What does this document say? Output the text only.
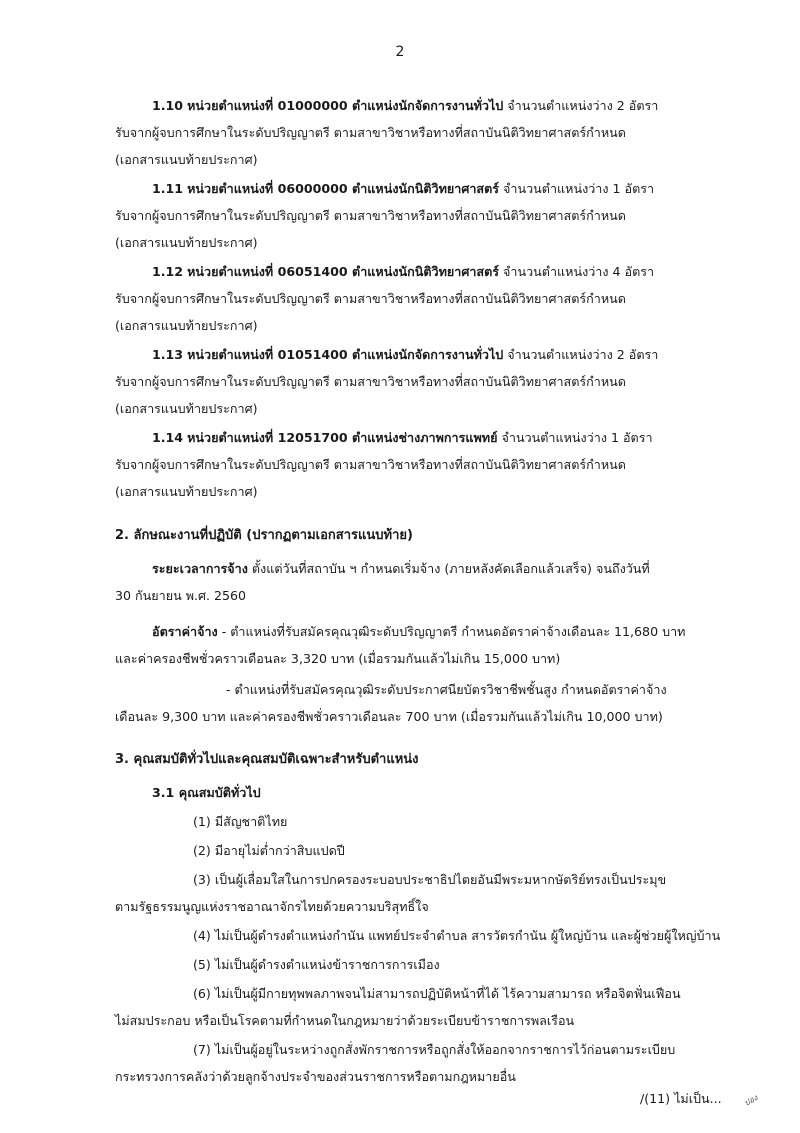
2
1.10 หน่วยตำแหน่งที่ 01000000 ตำแหน่งนักจัดการงานทั่วไป จำนวนตำแหน่งว่าง 2 อัตรา
รับจากผู้จบการศึกษาในระดับปริญญาตรี ตามสาขาวิชาหรือทางที่สถาบันนิติวิทยาศาสตร์กำหนด
(เอกสารแนบท้ายประกาศ)
1.11 หน่วยตำแหน่งที่ 06000000 ตำแหน่งนักนิติวิทยาศาสตร์ จำนวนตำแหน่งว่าง 1 อัตรา
รับจากผู้จบการศึกษาในระดับปริญญาตรี ตามสาขาวิชาหรือทางที่สถาบันนิติวิทยาศาสตร์กำหนด
(เอกสารแนบท้ายประกาศ)
1.12 หน่วยตำแหน่งที่ 06051400 ตำแหน่งนักนิติวิทยาศาสตร์ จำนวนตำแหน่งว่าง 4 อัตรา
รับจากผู้จบการศึกษาในระดับปริญญาตรี ตามสาขาวิชาหรือทางที่สถาบันนิติวิทยาศาสตร์กำหนด
(เอกสารแนบท้ายประกาศ)
1.13 หน่วยตำแหน่งที่ 01051400 ตำแหน่งนักจัดการงานทั่วไป จำนวนตำแหน่งว่าง 2 อัตรา
รับจากผู้จบการศึกษาในระดับปริญญาตรี ตามสาขาวิชาหรือทางที่สถาบันนิติวิทยาศาสตร์กำหนด
(เอกสารแนบท้ายประกาศ)
1.14 หน่วยตำแหน่งที่ 12051700 ตำแหน่งช่างภาพการแพทย์ จำนวนตำแหน่งว่าง 1 อัตรา
รับจากผู้จบการศึกษาในระดับปริญญาตรี ตามสาขาวิชาหรือทางที่สถาบันนิติวิทยาศาสตร์กำหนด
(เอกสารแนบท้ายประกาศ)
2. ลักษณะงานที่ปฏิบัติ (ปรากฏตามเอกสารแนบท้าย)
ระยะเวลาการจ้าง ตั้งแต่วันที่สถาบัน ฯ กำหนดเริ่มจ้าง (ภายหลังคัดเลือกแล้วเสร็จ) จนถึงวันที่
30 กันยายน พ.ศ. 2560
อัตราค่าจ้าง - ตำแหน่งที่รับสมัครคุณวุฒิระดับปริญญาตรี กำหนดอัตราค่าจ้างเดือนละ 11,680 บาท
และค่าครองชีพชั่วคราวเดือนละ 3,320 บาท (เมื่อรวมกันแล้วไม่เกิน 15,000 บาท)
- ตำแหน่งที่รับสมัครคุณวุฒิระดับประกาศนียบัตรวิชาชีพชั้นสูง กำหนดอัตราค่าจ้าง
เดือนละ 9,300 บาท และค่าครองชีพชั่วคราวเดือนละ 700 บาท (เมื่อรวมกันแล้วไม่เกิน 10,000 บาท)
3. คุณสมบัติทั่วไปและคุณสมบัติเฉพาะสำหรับตำแหน่ง
3.1 คุณสมบัติทั่วไป
(1) มีสัญชาติไทย
(2) มีอายุไม่ต่ำกว่าสิบแปดปี
(3) เป็นผู้เลื่อมใสในการปกครองระบอบประชาธิปไตยอันมีพระมหากษัตริย์ทรงเป็นประมุข
ตามรัฐธรรมนูญแห่งราชอาณาจักรไทยด้วยความบริสุทธิ์ใจ
(4) ไม่เป็นผู้ดำรงตำแหน่งกำนัน แพทย์ประจำตำบล สารวัตรกำนัน ผู้ใหญ่บ้าน และผู้ช่วยผู้ใหญ่บ้าน
(5) ไม่เป็นผู้ดำรงตำแหน่งข้าราชการการเมือง
(6) ไม่เป็นผู้มีกายทุพพลภาพจนไม่สามารถปฏิบัติหน้าที่ได้ ไร้ความสามารถ หรือจิตฟั่นเฟือน
ไม่สมประกอบ หรือเป็นโรคตามที่กำหนดในกฎหมายว่าด้วยระเบียบข้าราชการพลเรือน
(7) ไม่เป็นผู้อยู่ในระหว่างถูกสั่งพักราชการหรือถูกสั่งให้ออกจากราชการไว้ก่อนตามระเบียบ
กระทรวงการคลังว่าด้วยลูกจ้างประจำของส่วนราชการหรือตามกฎหมายอื่น
/(11) ไม่เป็น...	ปอง
